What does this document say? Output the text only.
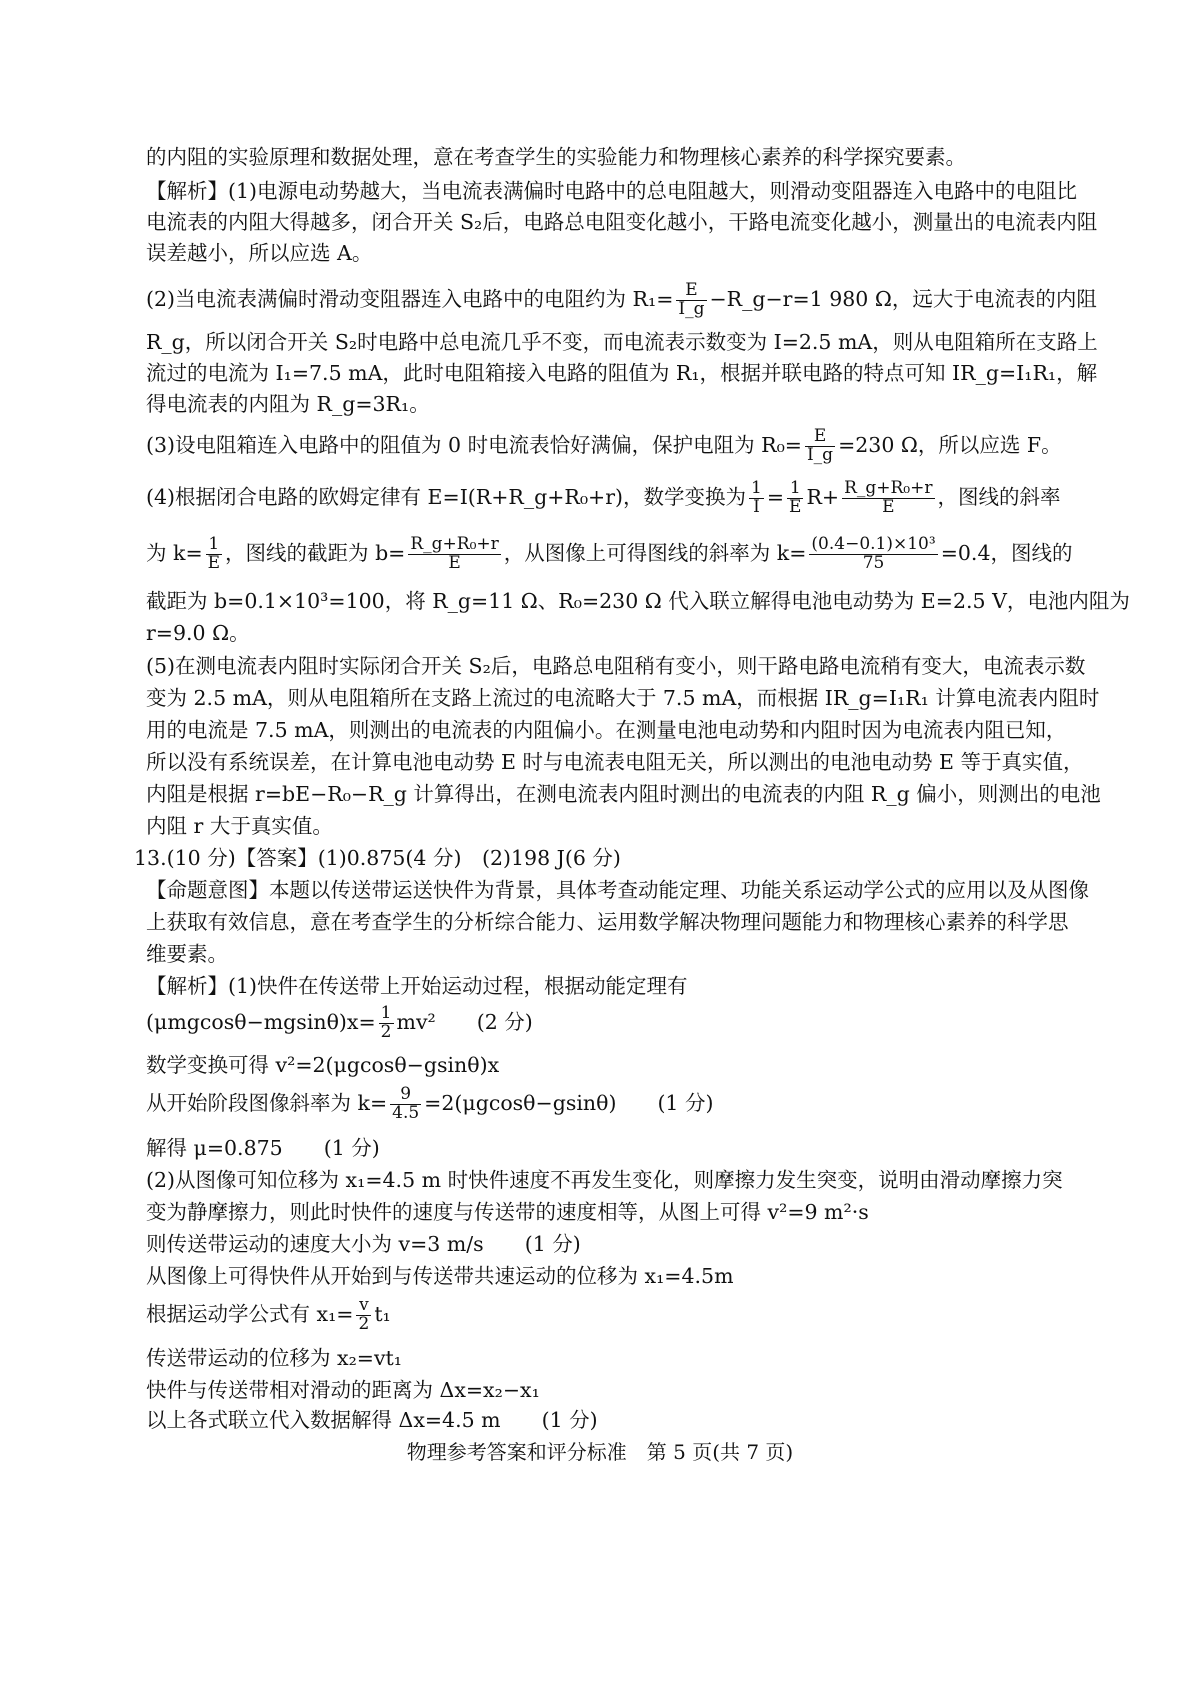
的内阻的实验原理和数据处理，意在考查学生的实验能力和物理核心素养的科学探究要素。
【解析】(1)电源电动势越大，当电流表满偏时电路中的总电阻越大，则滑动变阻器连入电路中的电阻比
电流表的内阻大得越多，闭合开关 S₂后，电路总电阻变化越小，干路电流变化越小，测量出的电流表内阻
误差越小，所以应选 A。
(2)当电流表满偏时滑动变阻器连入电路中的电阻约为 $R_1= \frac{E}{I\_g}$ −R_g−r=1 980 Ω，远大于电流表的内阻
R_g，所以闭合开关 S₂时电路中总电流几乎不变，而电流表示数变为 I=2.5 mA，则从电阻箱所在支路上
流过的电流为 I₁=7.5 mA，此时电阻箱接入电路的阻值为 R₁，根据并联电路的特点可知 IR_g=I₁R₁，解
得电流表的内阻为 R_g=3R₁。
(3)设电阻箱连入电路中的阻值为 0 时电流表恰好满偏，保护电阻为 $R_0= \frac{E}{I\_g} =230$ Ω，所以应选 F。
(4)根据闭合电路的欧姆定律有 E=I(R+R_g+R₀+r)，数学变换为 $\frac{1}{I} = \frac{1}{E} R+ \frac{\text{R\_g+R₀+r}}{E}$ ，图线的斜率
为 $k= \frac{1}{E}$ ，图线的截距为 $b= \frac{\text{R\_g+R₀+r}}{E}$ ，从图像上可得图线的斜率为 $k= \frac{\text{(0.4−0.1)×10³}}{75} =0.4$，图线的
截距为 b=0.1×10³=100，将 R_g=11 Ω、R₀=230 Ω 代入联立解得电池电动势为 E=2.5 V，电池内阻为
r=9.0 Ω。
(5)在测电流表内阻时实际闭合开关 S₂后，电路总电阻稍有变小，则干路电路电流稍有变大，电流表示数
变为 2.5 mA，则从电阻箱所在支路上流过的电流略大于 7.5 mA，而根据 IR_g=I₁R₁ 计算电流表内阻时
用的电流是 7.5 mA，则测出的电流表的内阻偏小。在测量电池电动势和内阻时因为电流表内阻已知，
所以没有系统误差，在计算电池电动势 E 时与电流表电阻无关，所以测出的电池电动势 E 等于真实值，
内阻是根据 r=bE−R₀−R_g 计算得出，在测电流表内阻时测出的电流表的内阻 R_g 偏小，则测出的电池
内阻 r 大于真实值。
13.(10 分)【答案】(1)0.875(4 分)　(2)198 J(6 分)
【命题意图】本题以传送带运送快件为背景，具体考查动能定理、功能关系运动学公式的应用以及从图像
上获取有效信息，意在考查学生的分析综合能力、运用数学解决物理问题能力和物理核心素养的科学思
维要素。
【解析】(1)快件在传送带上开始运动过程，根据动能定理有
$(\mu mgcos\theta-mgsin\theta)x= \frac{1}{2} mv^2$　　(2 分)
数学变换可得 v²=2(μgcosθ−gsinθ)x
从开始阶段图像斜率为 $k= \frac{9}{4.5} =2(\mu gcos\theta-gsin\theta)$　　(1 分)
解得 μ=0.875　　(1 分)
(2)从图像可知位移为 x₁=4.5 m 时快件速度不再发生变化，则摩擦力发生突变，说明由滑动摩擦力突
变为静摩擦力，则此时快件的速度与传送带的速度相等，从图上可得 v²=9 m²·s
则传送带运动的速度大小为 v=3 m/s　　(1 分)
从图像上可得快件从开始到与传送带共速运动的位移为 x₁=4.5m
根据运动学公式有 $x_1= \frac{v}{2} t_1$
传送带运动的位移为 x₂=vt₁
快件与传送带相对滑动的距离为 Δx=x₂−x₁
以上各式联立代入数据解得 Δx=4.5 m　　(1 分)
物理参考答案和评分标准　第 5 页(共 7 页)
